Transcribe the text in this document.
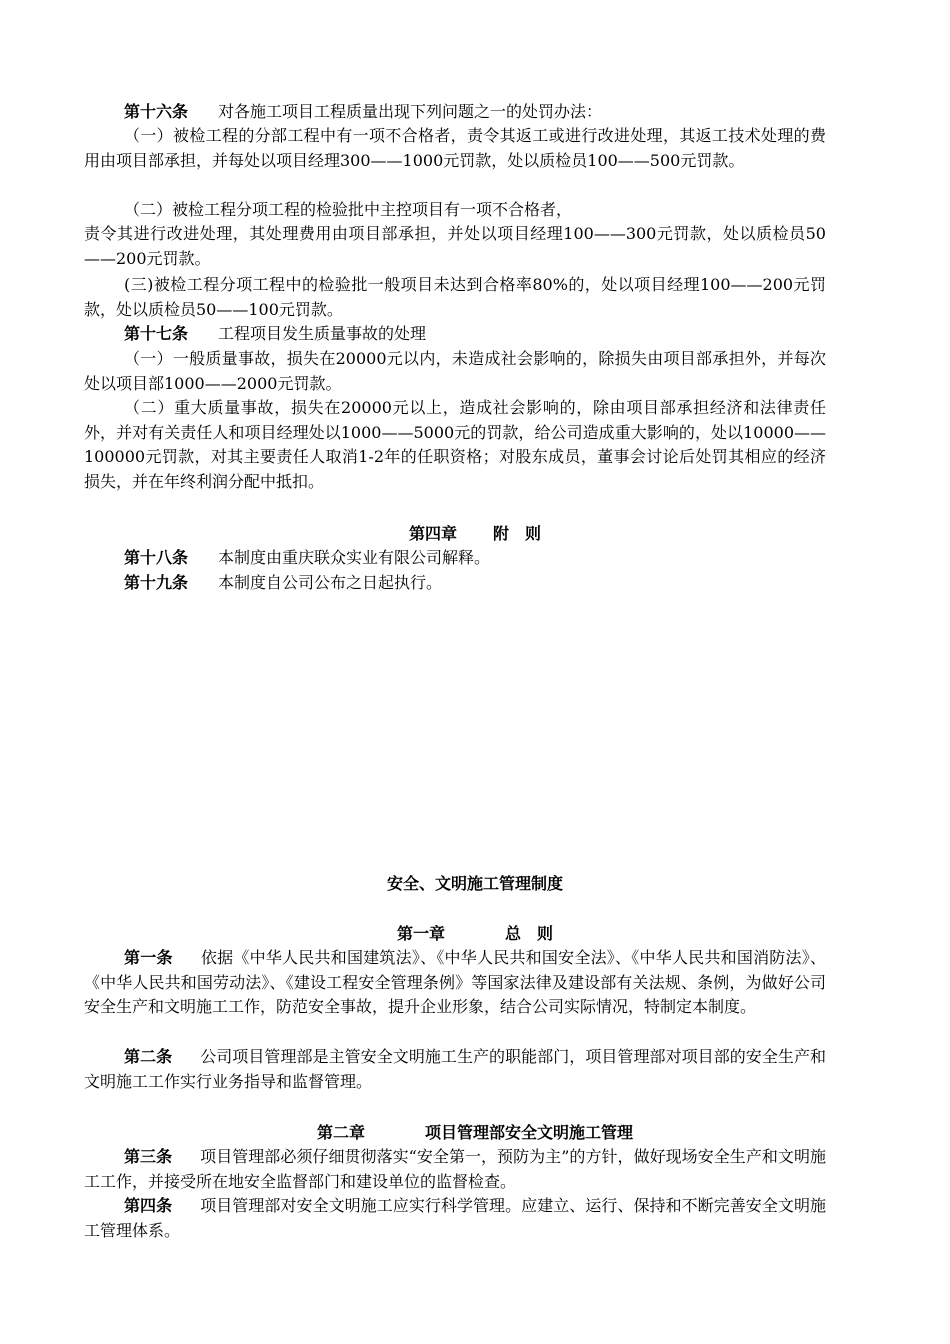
第十六条 对各施工项目工程质量出现下列问题之一的处罚办法：

（一）被检工程的分部工程中有一项不合格者，责令其返工或进行改进处理，其返工技术处理的费用由项目部承担，并每处以项目经理300——1000元罚款，处以质检员100——500元罚款。

（二）被检工程分项工程的检验批中主控项目有一项不合格者，

责令其进行改进处理，其处理费用由项目部承担，并处以项目经理100——300元罚款，处以质检员50——200元罚款。

(三)被检工程分项工程中的检验批一般项目未达到合格率80%的，处以项目经理100——200元罚款，处以质检员50——100元罚款。

第十七条 工程项目发生质量事故的处理

（一）一般质量事故，损失在20000元以内，未造成社会影响的，除损失由项目部承担外，并每次处以项目部1000——2000元罚款。

（二）重大质量事故，损失在20000元以上，造成社会影响的，除由项目部承担经济和法律责任外，并对有关责任人和项目经理处以1000——5000元的罚款，给公司造成重大影响的，处以10000——100000元罚款，对其主要责任人取消1-2年的任职资格；对股东成员，董事会讨论后处罚其相应的经济损失，并在年终利润分配中抵扣。

第四章 附　则

第十八条 本制度由重庆联众实业有限公司解释。

第十九条 本制度自公司公布之日起执行。

安全、文明施工管理制度

第一章	总　则

第一条 依据《中华人民共和国建筑法》、《中华人民共和国安全法》、《中华人民共和国消防法》、《中华人民共和国劳动法》、《建设工程安全管理条例》等国家法律及建设部有关法规、条例，为做好公司安全生产和文明施工工作，防范安全事故，提升企业形象，结合公司实际情况，特制定本制度。

第二条 公司项目管理部是主管安全文明施工生产的职能部门，项目管理部对项目部的安全生产和文明施工工作实行业务指导和监督管理。

第二章	项目管理部安全文明施工管理

第三条 项目管理部必须仔细贯彻落实“安全第一，预防为主”的方针，做好现场安全生产和文明施工工作，并接受所在地安全监督部门和建设单位的监督检查。

第四条 项目管理部对安全文明施工应实行科学管理。应建立、运行、保持和不断完善安全文明施工管理体系。
